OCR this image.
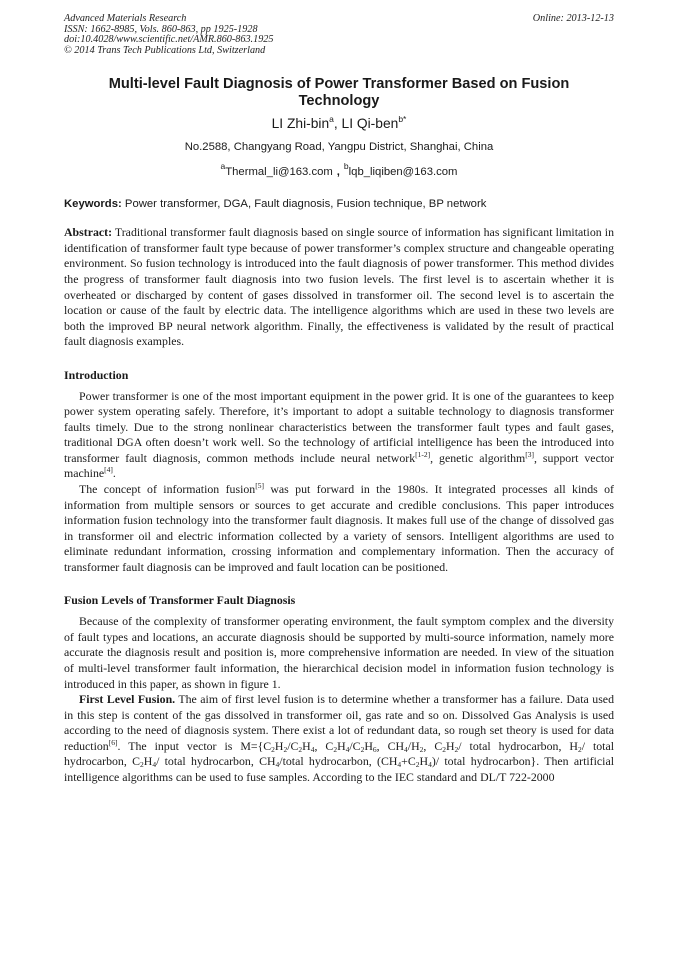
Advanced Materials Research
ISSN: 1662-8985, Vols. 860-863, pp 1925-1928
doi:10.4028/www.scientific.net/AMR.860-863.1925
© 2014 Trans Tech Publications Ltd, Switzerland
Online: 2013-12-13
Multi-level Fault Diagnosis of Power Transformer Based on Fusion Technology
LI Zhi-bin$^a$, LI Qi-ben$^{b*}$
No.2588, Changyang Road, Yangpu District, Shanghai, China
$^a$Thermal_li@163.com , $^b$lqb_liqiben@163.com
Keywords: Power transformer, DGA, Fault diagnosis, Fusion technique, BP network

Abstract: Traditional transformer fault diagnosis based on single source of information has significant limitation in identification of transformer fault type because of power transformer’s complex structure and changeable operating environment. So fusion technology is introduced into the fault diagnosis of power transformer. This method divides the progress of transformer fault diagnosis into two fusion levels. The first level is to ascertain whether it is overheated or discharged by content of gases dissolved in transformer oil. The second level is to ascertain the location or cause of the fault by electric data. The intelligence algorithms which are used in these two levels are both the improved BP neural network algorithm. Finally, the effectiveness is validated by the result of practical fault diagnosis examples.

Introduction

Power transformer is one of the most important equipment in the power grid. It is one of the guarantees to keep power system operating safely. Therefore, it’s important to adopt a suitable technology to diagnosis transformer faults timely. Due to the strong nonlinear characteristics between the transformer fault types and fault gases, traditional DGA often doesn’t work well. So the technology of artificial intelligence has been the introduced into transformer fault diagnosis, common methods include neural network[1-2], genetic algorithm[3], support vector machine[4].

The concept of information fusion[5] was put forward in the 1980s. It integrated processes all kinds of information from multiple sensors or sources to get accurate and credible conclusions. This paper introduces information fusion technology into the transformer fault diagnosis. It makes full use of the change of dissolved gas in transformer oil and electric information collected by a variety of sensors. Intelligent algorithms are used to eliminate redundant information, crossing information and complementary information. Then the accuracy of transformer fault diagnosis can be improved and fault location can be positioned.

Fusion Levels of Transformer Fault Diagnosis

Because of the complexity of transformer operating environment, the fault symptom complex and the diversity of fault types and locations, an accurate diagnosis should be supported by multi-source information, namely more accurate the diagnosis result and position is, more comprehensive information are needed. In view of the situation of multi-level transformer fault information, the hierarchical decision model in information fusion technology is introduced in this paper, as shown in figure 1.

First Level Fusion. The aim of first level fusion is to determine whether a transformer has a failure. Data used in this step is content of the gas dissolved in transformer oil, gas rate and so on. Dissolved Gas Analysis is used according to the need of diagnosis system. There exist a lot of redundant data, so rough set theory is used for data reduction[6]. The input vector is $M=\{C_2H_2/C_2H_4$, $C_2H_4/C_2H_6$, $CH_4/H_2$, $C_2H_2/$ total hydrocarbon, $H_2/$ total hydrocarbon, $C_2H_4/$ total hydrocarbon, $CH_4$/total hydrocarbon, $(CH_4+C_2H_4)/$ total hydrocarbon}. Then artificial intelligence algorithms can be used to fuse samples. According to the IEC standard and DL/T 722-2000
